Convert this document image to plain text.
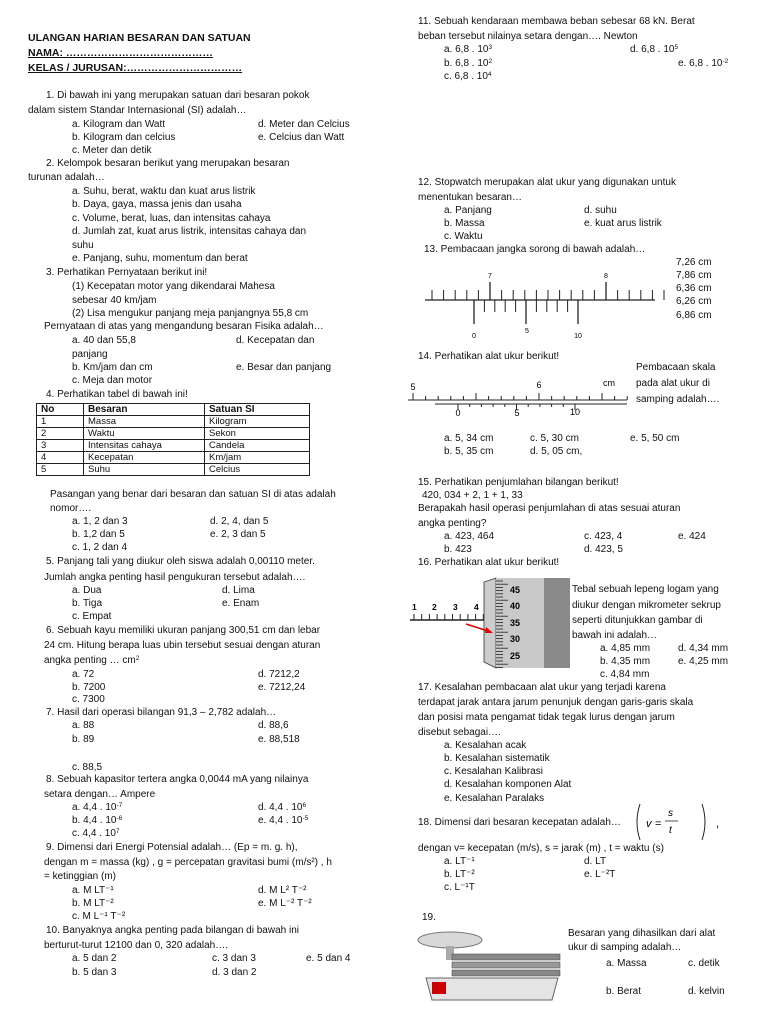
ULANGAN HARIAN BESARAN DAN SATUAN
NAMA: ……………………………………
KELAS / JURUSAN:……………………………
1. Di bawah ini yang merupakan satuan dari besaran pokok
dalam sistem Standar Internasional (SI) adalah…
a. Kilogram dan Watt	d. Meter dan Celcius
b. Kilogram dan celcius	e. Celcius dan Watt
c. Meter dan detik
2. Kelompok besaran berikut yang merupakan besaran
turunan adalah…
a. Suhu, berat, waktu dan kuat arus listrik
b. Daya, gaya, massa jenis dan usaha
c. Volume, berat, luas, dan intensitas cahaya
d. Jumlah zat, kuat arus listrik, intensitas cahaya dan
suhu
e. Panjang, suhu, momentum dan berat
3. Perhatikan Pernyataan berikut ini!
(1) Kecepatan motor yang dikendarai Mahesa
sebesar 40 km/jam
(2) Lisa mengukur panjang meja panjangnya 55,8 cm
Pernyataan di atas yang mengandung besaran Fisika adalah…
a. 40 dan 55,8	d. Kecepatan dan
panjang
b. Km/jam dan cm	e. Besar dan panjang
c. Meja dan motor
4. Perhatikan tabel di bawah ini!
No	Besaran	Satuan SI
1	Massa	Kilogram
2	Waktu	Sekon
3	Intensitas cahaya	Candela
4	Kecepatan	Km/jam
5	Suhu	Celcius
Pasangan yang benar dari besaran dan satuan SI di atas adalah
nomor….
a. 1, 2 dan 3	d. 2, 4, dan 5
b. 1,2 dan 5	e. 2, 3 dan 5
c. 1, 2 dan 4
5. Panjang tali yang diukur oleh siswa adalah 0,00110 meter.
Jumlah angka penting hasil pengukuran tersebut adalah….
a. Dua	d. Lima
b. Tiga	e. Enam
c. Empat
6. Sebuah kayu memiliki ukuran panjang 300,51 cm dan lebar
24 cm. Hitung berapa luas ubin tersebut sesuai dengan aturan
angka penting … $cm^2$
a. 72	d. 7212,2
b. 7200	e. 7212,24
c. 7300
7. Hasil dari operasi bilangan 91,3 – 2,782 adalah…
a. 88	d. 88,6
b. 89	e. 88,518
c. 88,5
8. Sebuah kapasitor tertera angka 0,0044 mA yang nilainya
setara dengan… Ampere
a. 4,4 . $10^{-7}$	d. 4,4 . $10^6$
b. 4,4 . $10^{-6}$	e. 4,4 . $10^{-5}$
c. 4,4 . $10^7$
9. Dimensi dari Energi Potensial adalah… (Ep = m. g. h),
dengan m = massa (kg) , g = percepatan gravitasi bumi (m/s²) , h
= ketinggian (m)
a. M LT⁻¹	d. M L² T⁻²
b. M LT⁻²	e. M L⁻² T⁻²
c. M L⁻¹ T⁻²
10. Banyaknya angka penting pada bilangan di bawah ini
berturut-turut 12100 dan 0, 320 adalah….
a. 5 dan 2	c. 3 dan 3	e. 5 dan 4
b. 5 dan 3	d. 3 dan 2
11. Sebuah kendaraan membawa beban sebesar 68 kN. Berat
beban tersebut nilainya setara dengan…. Newton
a. 6,8 . $10^3$	d. 6,8 . $10^5$
b. 6,8 . $10^2$	e. 6,8 . $10^{-2}$
c. 6,8 . $10^4$
12. Stopwatch merupakan alat ukur yang digunakan untuk
menentukan besaran…
a. Panjang	d. suhu
b. Massa	e. kuat arus listrik
c. Waktu
13. Pembacaan jangka sorong di bawah adalah…
7,26 cm
7,86 cm
6,36 cm
6,26 cm
6,86 cm
7	8
0
5
10
14. Perhatikan alat ukur berikut!
Pembacaan skala
pada alat ukur di
samping adalah….
5	6	cm
0	5	10
a. 5, 34 cm	c. 5, 30 cm	e. 5, 50 cm
b. 5, 35 cm	d. 5, 05 cm,
15. Perhatikan penjumlahan bilangan berikut!
420, 034 + 2, 1 + 1, 33
Berapakah hasil operasi penjumlahan di atas sesuai aturan
angka penting?
a. 423, 464	c. 423, 4	e. 424
b. 423	d. 423, 5
16. Perhatikan alat ukur berikut!
1 2 3 4
45
40
35
30
25
Tebal sebuah lepeng logam yang
diukur dengan mikrometer sekrup
seperti ditunjukkan gambar di
bawah ini adalah…
a. 4,85 mm	d. 4,34 mm
b. 4,35 mm	e. 4,25 mm
c. 4,84 mm
17. Kesalahan pembacaan alat ukur yang terjadi karena
terdapat jarak antara jarum penunjuk dengan garis-garis skala
dan posisi mata pengamat tidak tegak lurus dengan jarum
disebut sebagai….
a. Kesalahan acak
b. Kesalahan sistematik
c. Kesalahan Kalibrasi
d. Kesalahan komponen Alat
e. Kesalahan Paralaks
18. Dimensi dari besaran kecepatan adalah… v =
s
t
,
dengan v= kecepatan (m/s), s = jarak (m) , t = waktu (s)
a. LT⁻¹	d. LT
b. LT⁻²	e. L⁻²T
c. L⁻¹T
19.
Besaran yang dihasilkan dari alat
ukur di samping adalah…
a. Massa	c. detik
b. Berat	d. kelvin
